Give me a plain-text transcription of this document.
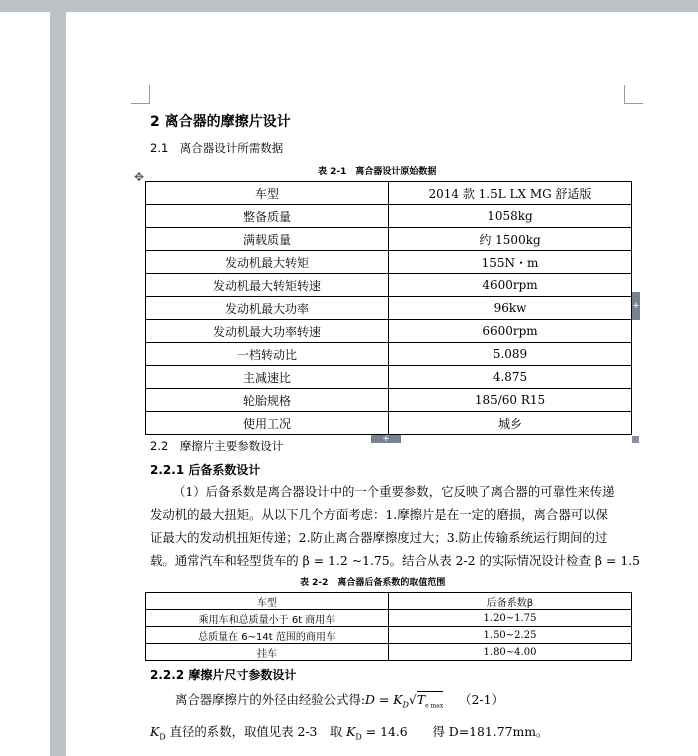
2 离合器的摩擦片设计
2.1　离合器设计所需数据
表 2-1　离合器设计原始数据
✥
车型	2014 款 1.5L LX MG 舒适版
整备质量	1058kg
满载质量	约 1500kg
发动机最大转矩	155N・m
发动机最大转矩转速	4600rpm
发动机最大功率	96kw
发动机最大功率转速	6600rpm
一档转动比	5.089
主减速比	4.875
轮胎规格	185/60 R15
使用工况	城乡
+
+
2.2　摩擦片主要参数设计
2.2.1 后备系数设计
（1）后备系数是离合器设计中的一个重要参数，它反映了离合器的可靠性来传递
发动机的最大扭矩。从以下几个方面考虑：1.摩擦片是在一定的磨损，离合器可以保
证最大的发动机扭矩传递；2.防止离合器摩擦度过大；3.防止传输系统运行期间的过
载。通常汽车和轻型货车的 β = 1.2 ~1.75。结合从表 2-2 的实际情况设计检查 β = 1.5
表 2-2　离合器后备系数的取值范围
车型	后备系数β
乘用车和总质量小于 6t 商用车	1.20~1.75
总质量在 6~14t 范围的商用车	1.50~2.25
挂车	1.80~4.00
2.2.2 摩擦片尺寸参数设计
离合器摩擦片的外径由经验公式得:D = $K_D√T_{e max}$ （2-1）
$K_D$ 直径的系数，取值见表 2-3　取 $K_D = 14.6$　　得 D=181.77mm。
